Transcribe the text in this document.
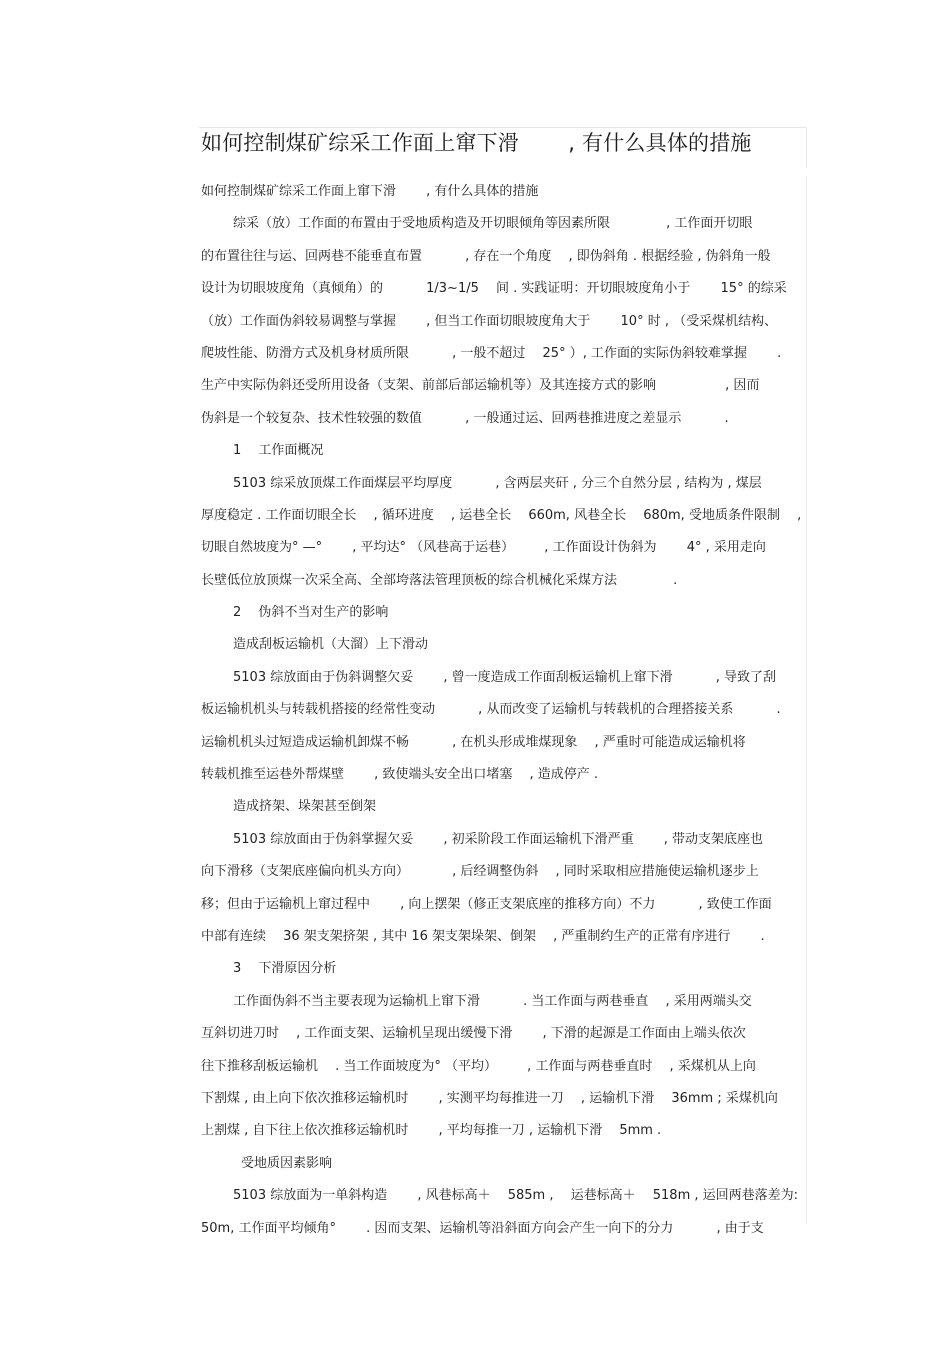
如何控制煤矿综采工作面上窜下滑 　　, 有什么具体的措施
如何控制煤矿综采工作面上窜下滑 　　, 有什么具体的措施
综采（放）工作面的布置由于受地质构造及开切眼倾角等因素所限 　　　　, 工作面开切眼
的布置往往与运、回两巷不能垂直布置 　　　, 存在一个角度 　, 即伪斜角 . 根据经验 , 伪斜角一般
设计为切眼坡度角（真倾角）的 　　　1/3~1/5 　间 . 实践证明：开切眼坡度角小于 　　15° 的综采
（放）工作面伪斜较易调整与掌握 　　, 但当工作面切眼坡度角大于 　　10° 时 , （受采煤机结构、
爬坡性能、防滑方式及机身材质所限 　　　, 一般不超过 　25° ）, 工作面的实际伪斜较难掌握 　　.
生产中实际伪斜还受所用设备（支架、前部后部运输机等）及其连接方式的影响 　　　　　, 因而
伪斜是一个较复杂、技术性较强的数值 　　　, 一般通过运、回两巷推进度之差显示 　　　.
1 　工作面概况
5103 综采放顶煤工作面煤层平均厚度 　　　, 含两层夹矸 , 分三个自然分层 , 结构为 , 煤层
厚度稳定 . 工作面切眼全长 　, 循环进度 　, 运巷全长 　660m, 风巷全长 　680m, 受地质条件限制 　,
切眼自然坡度为° —° 　　, 平均达° （风巷高于运巷） 　　, 工作面设计伪斜为 　　4° , 采用走向
长壁低位放顶煤一次采全高、全部垮落法管理顶板的综合机械化采煤方法 　　　　.
2 　伪斜不当对生产的影响
造成刮板运输机（大溜）上下滑动
5103 综放面由于伪斜调整欠妥 　　, 曾一度造成工作面刮板运输机上窜下滑 　　　, 导致了刮
板运输机机头与转载机搭接的经常性变动 　　　, 从而改变了运输机与转载机的合理搭接关系 　　　.
运输机机头过短造成运输机卸煤不畅 　　　, 在机头形成堆煤现象 　, 严重时可能造成运输机将
转载机推至运巷外帮煤壁 　　, 致使端头安全出口堵塞 　, 造成停产 .
造成挤架、垛架甚至倒架
5103 综放面由于伪斜掌握欠妥 　　, 初采阶段工作面运输机下滑严重 　　, 带动支架底座也
向下滑移（支架底座偏向机头方向） 　　　, 后经调整伪斜 　, 同时采取相应措施使运输机逐步上
移；但由于运输机上窜过程中 　　, 向上摆架（修正支架底座的推移方向）不力 　　　, 致使工作面
中部有连续 　36 架支架挤架 , 其中 16 架支架垛架、倒架 　, 严重制约生产的正常有序进行 　　.
3 　下滑原因分析
工作面伪斜不当主要表现为运输机上窜下滑 　　　. 当工作面与两巷垂直 　, 采用两端头交
互斜切进刀时 　, 工作面支架、运输机呈现出缓慢下滑 　　, 下滑的起源是工作面由上端头依次
往下推移刮板运输机 　. 当工作面坡度为° （平均） 　　, 工作面与两巷垂直时 　, 采煤机从上向
下割煤 , 由上向下依次推移运输机时 　　, 实测平均每推进一刀 　, 运输机下滑 　36mm ; 采煤机向
上割煤 , 自下往上依次推移运输机时 　　, 平均每推一刀 , 运输机下滑 　5mm .
受地质因素影响
5103 综放面为一单斜构造 　　, 风巷标高＋ 　585m , 　运巷标高＋ 　518m , 运回两巷落差为:
50m, 工作面平均倾角° 　　. 因而支架、运输机等沿斜面方向会产生一向下的分力 　　　, 由于支
